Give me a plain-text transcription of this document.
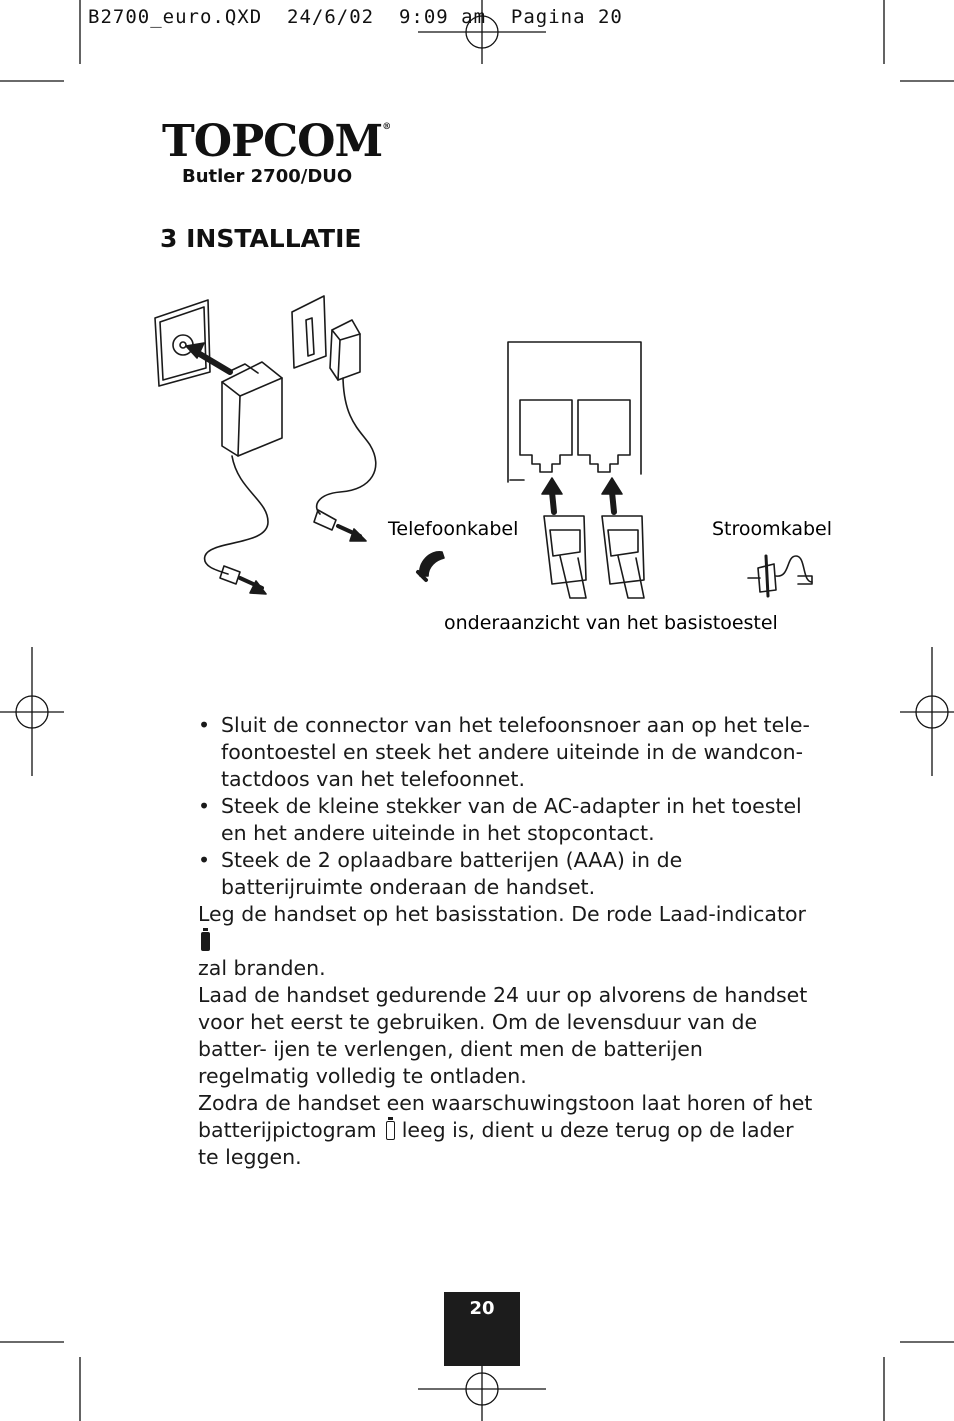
B2700_euro.QXD  24/6/02  9:09 am  Pagina 20
TOPCOM®
Butler 2700/DUO
3 INSTALLATIE
Telefoonkabel	Stroomkabel
onderaanzicht van het basistoestel
• Sluit de connector van het telefoonsnoer aan op het tele- foontoestel en steek het andere uiteinde in de wandcon- tactdoos van het telefoonnet.
• Steek de kleine stekker van de AC-adapter in het toestel en het andere uiteinde in het stopcontact.
• Steek de 2 oplaadbare batterijen (AAA) in de batterijruimte onderaan de handset.

Leg de handset op het basisstation. De rode Laad-indicator
zal branden.

Laad de handset gedurende 24 uur op alvorens de handset voor het eerst te gebruiken. Om de levensduur van de batter- ijen te verlengen, dient men de batterijen regelmatig volledig te ontladen.

Zodra de handset een waarschuwingstoon laat horen of het batterijpictogram leeg is, dient u deze terug op de lader te leggen.

20
